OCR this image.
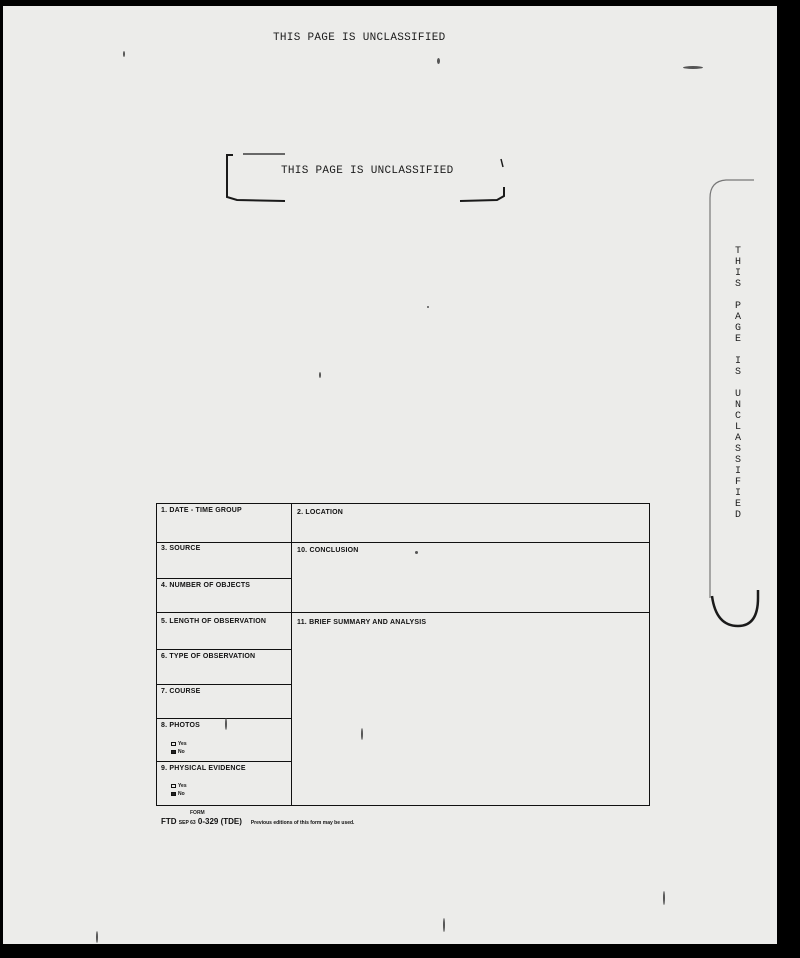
THIS PAGE IS UNCLASSIFIED
THIS PAGE IS UNCLASSIFIED
T
H
I
S

P
A
G
E

I
S

U
N
C
L
A
S
S
I
F
I
E
D
1. DATE - TIME GROUP	2. LOCATION
3. SOURCE	10. CONCLUSION
4. NUMBER OF OBJECTS
5. LENGTH OF OBSERVATION	11. BRIEF SUMMARY AND ANALYSIS
6. TYPE OF OBSERVATION
7. COURSE
8. PHOTOS
Yes
No
9. PHYSICAL EVIDENCE
Yes
No
FORM
FTD SEP 63 0-329 (TDE) Previous editions of this form may be used.
